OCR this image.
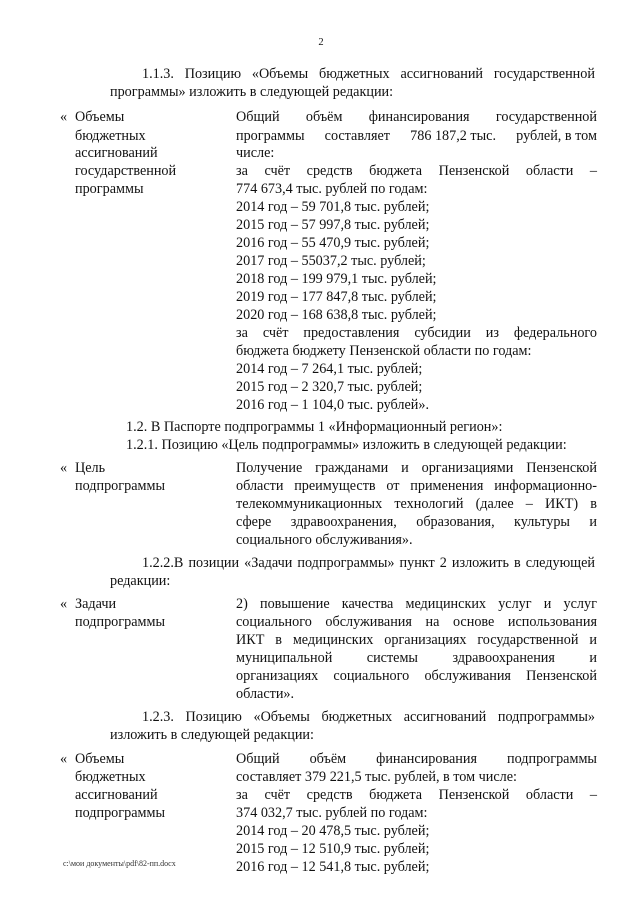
2
1.1.3. Позицию «Объемы бюджетных ассигнований государственной
программы» изложить в следующей редакции:
« Объемы
бюджетных
ассигнований
государственной
программы
Общий объём финансирования государственной
программы составляет 786 187,2 тыс. рублей, в том
числе:
за счёт средств бюджета Пензенской области –
774 673,4 тыс. рублей по годам:
2014 год – 59 701,8 тыс. рублей;
2015 год – 57 997,8 тыс. рублей;
2016 год – 55 470,9 тыс. рублей;
2017 год – 55037,2 тыс. рублей;
2018 год – 199 979,1 тыс. рублей;
2019 год – 177 847,8 тыс. рублей;
2020 год – 168 638,8 тыс. рублей;
за счёт предоставления субсидии из федерального
бюджета бюджету Пензенской области по годам:
2014 год – 7 264,1 тыс. рублей;
2015 год – 2 320,7 тыс. рублей;
2016 год – 1 104,0 тыс. рублей».
1.2. В Паспорте подпрограммы 1 «Информационный регион»:
1.2.1. Позицию «Цель подпрограммы» изложить в следующей редакции:
« Цель
подпрограммы
Получение гражданами и организациями Пензенской
области преимуществ от применения информационно-
телекоммуникационных технологий (далее – ИКТ) в
сфере здравоохранения, образования, культуры и
социального обслуживания».
1.2.2.В позиции «Задачи подпрограммы» пункт 2 изложить в следующей
редакции:
« Задачи
подпрограммы
2) повышение качества медицинских услуг и услуг
социального обслуживания на основе использования
ИКТ в медицинских организациях государственной и
муниципальной системы здравоохранения и
организациях социального обслуживания Пензенской
области».
1.2.3. Позицию «Объемы бюджетных ассигнований подпрограммы»
изложить в следующей редакции:
« Объемы
бюджетных
ассигнований
подпрограммы
Общий объём финансирования подпрограммы
составляет 379 221,5 тыс. рублей, в том числе:
за счёт средств бюджета Пензенской области –
374 032,7 тыс. рублей по годам:
2014 год – 20 478,5 тыс. рублей;
2015 год – 12 510,9 тыс. рублей;
2016 год – 12 541,8 тыс. рублей;
c:\мои документы\pdf\82-пп.docx
